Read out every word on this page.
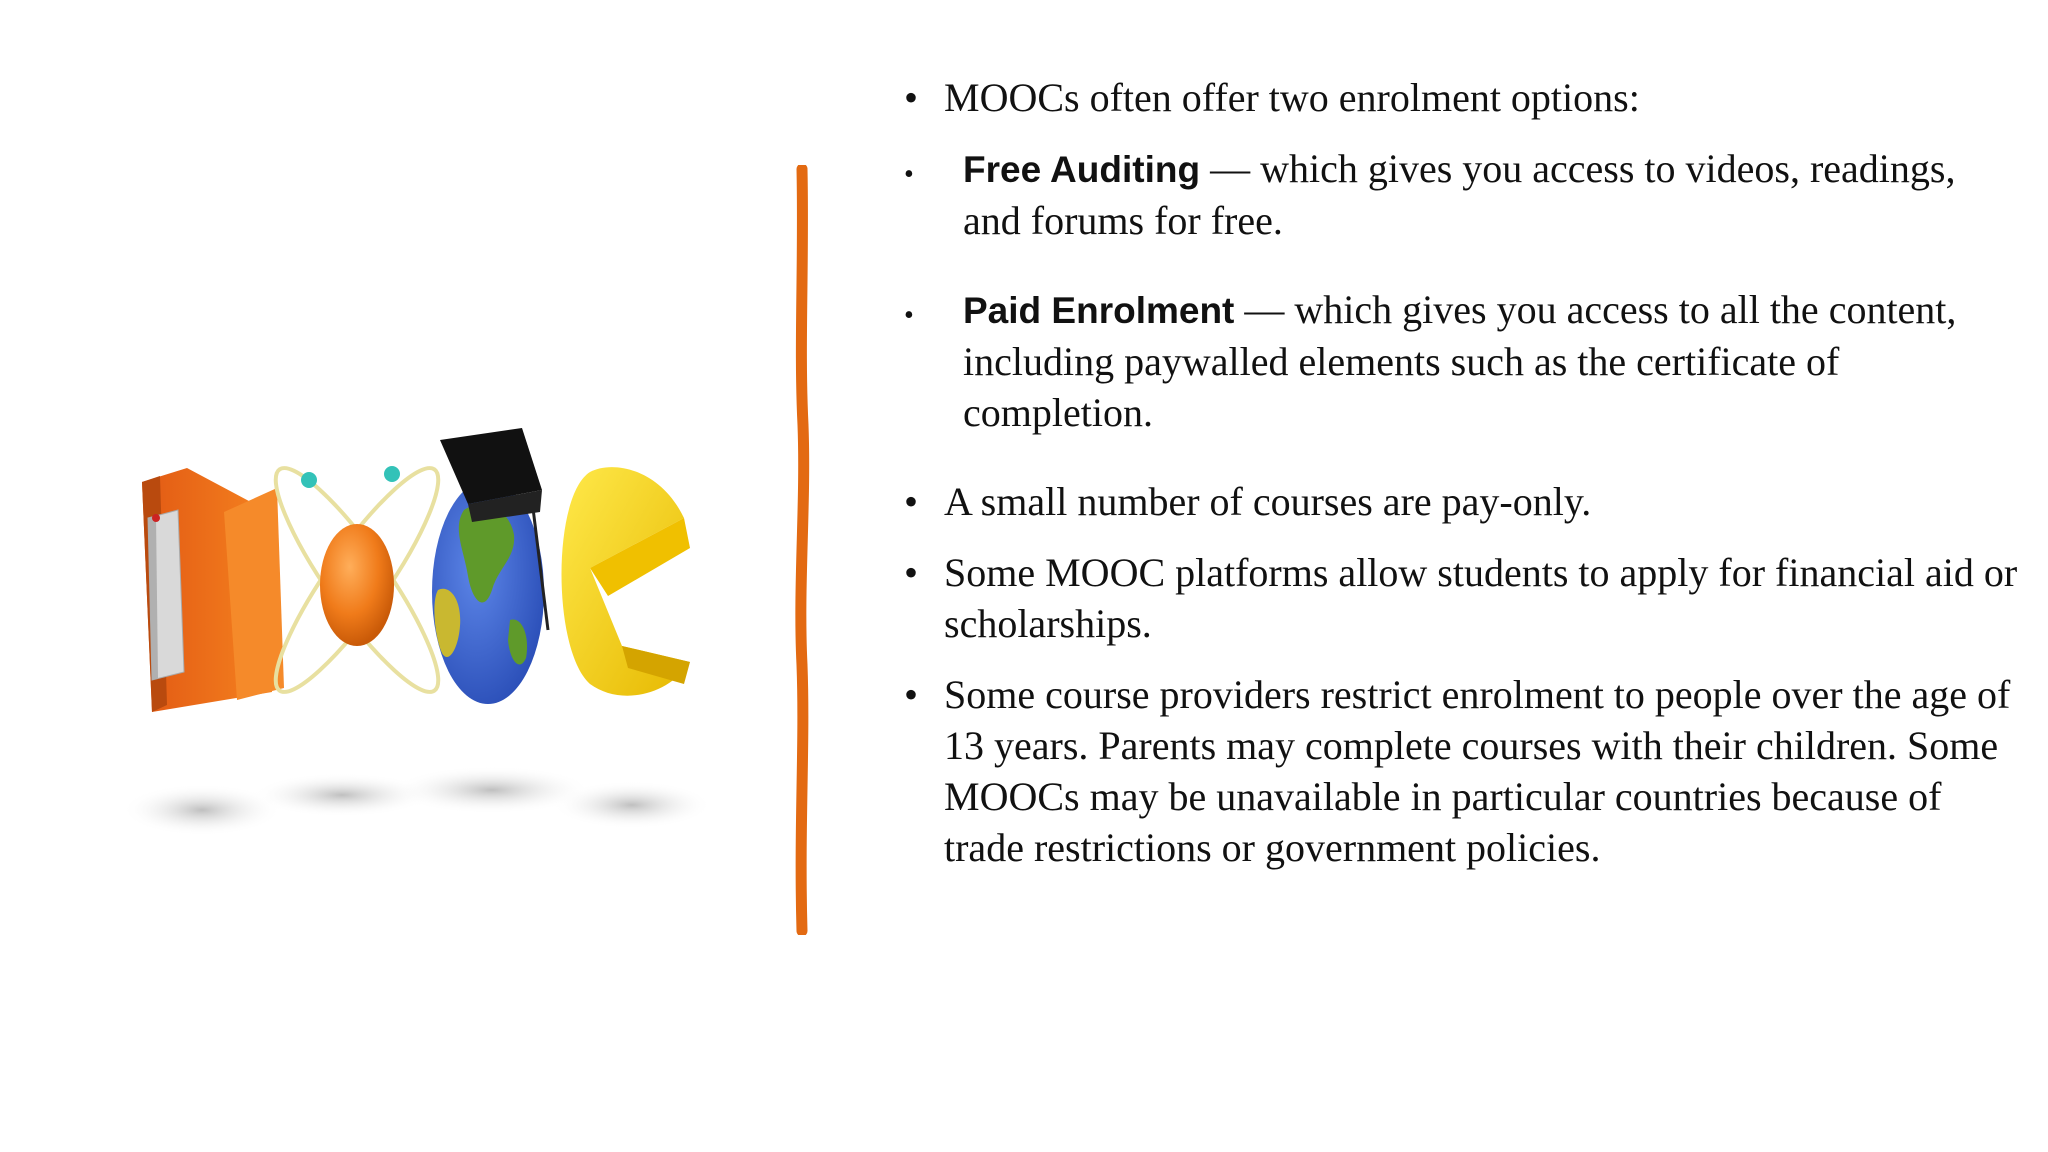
• MOOCs often offer two enrolment options:
• Free Auditing — which gives you access to videos, readings, and forums for free.
• Paid Enrolment — which gives you access to all the content, including paywalled elements such as the certificate of completion.
• A small number of courses are pay-only.
• Some MOOC platforms allow students to apply for financial aid or scholarships.
• Some course providers restrict enrolment to people over the age of 13 years. Parents may complete courses with their children. Some MOOCs may be unavailable in particular countries because of trade restrictions or government policies.
